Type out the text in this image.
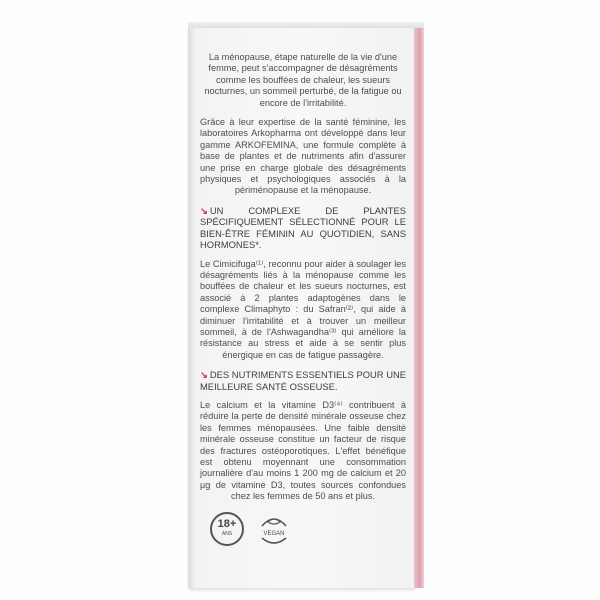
La ménopause, étape naturelle de la vie d'une femme, peut s'accompagner de désagréments comme les bouffées de chaleur, les sueurs nocturnes, un sommeil perturbé, de la fatigue ou encore de l'irritabilité.

Grâce à leur expertise de la santé féminine, les laboratoires Arkopharma ont développé dans leur gamme ARKOFEMINA, une formule complète à base de plantes et de nutriments afin d'assurer une prise en charge globale des désagréments physiques et psychologiques associés à la périménopause et la ménopause.

↘ UN COMPLEXE DE PLANTES SPÉCIFIQUEMENT SÉLECTIONNÉ POUR LE BIEN-ÊTRE FÉMININ AU QUOTIDIEN, SANS HORMONES*.

Le Cimicifuga⁽¹⁾, reconnu pour aider à soulager les désagréments liés à la ménopause comme les bouffées de chaleur et les sueurs nocturnes, est associé à 2 plantes adaptogènes dans le complexe Climaphyto : du Safran⁽²⁾, qui aide à diminuer l'irritabilité et à trouver un meilleur sommeil, à de l'Ashwagandha⁽³⁾ qui améliore la résistance au stress et aide à se sentir plus énergique en cas de fatigue passagère.

↘ DES NUTRIMENTS ESSENTIELS POUR UNE MEILLEURE SANTÉ OSSEUSE.

Le calcium et la vitamine D3⁽⁴⁾ contribuent à réduire la perte de densité minérale osseuse chez les femmes ménopausées. Une faible densité minérale osseuse constitue un facteur de risque des fractures ostéoporotiques. L'effet bénéfique est obtenu moyennant une consommation journalière d'au moins 1 200 mg de calcium et 20 µg de vitamine D3, toutes sources confondues chez les femmes de 50 ans et plus.

18+
ANS	VEGAN
